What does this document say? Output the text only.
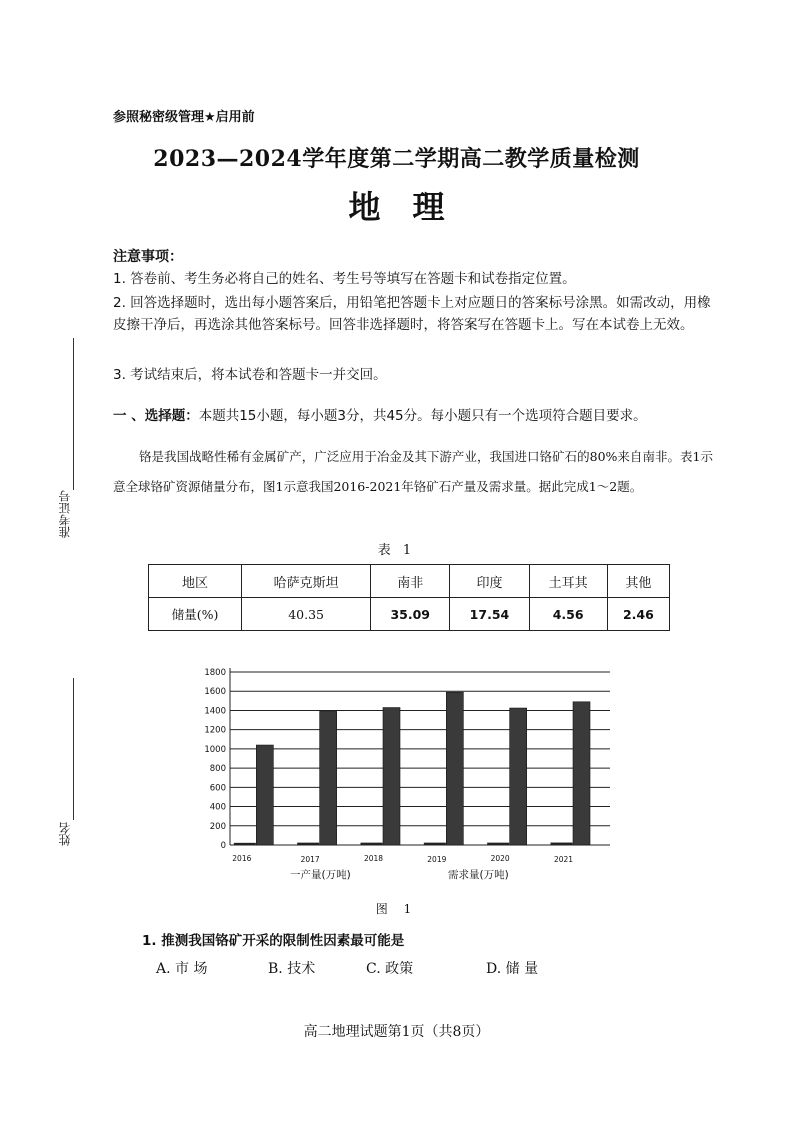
参照秘密级管理★启用前
2023—2024学年度第二学期高二教学质量检测
地　理
注意事项：
1. 答卷前、考生务必将自己的姓名、考生号等填写在答题卡和试卷指定位置。
2. 回答选择题时，选出每小题答案后，用铅笔把答题卡上对应题日的答案标号涂黑。如需改动，用橡皮擦干净后，再选涂其他答案标号。回答非选择题时，将答案写在答题卡上。写在本试卷上无效。
3. 考试结束后，将本试卷和答题卡一并交回。
一 、选择题：本题共15小题，每小题3分，共45分。每小题只有一个选项符合题目要求。
铬是我国战略性稀有金属矿产，广泛应用于冶金及其下游产业，我国进口铬矿石的80%来自南非。表1示意全球铬矿资源储量分布，图1示意我国2016-2021年铬矿石产量及需求量。据此完成1～2题。
表 1
地区	哈萨克斯坦	南非	印度	土耳其	其他
储量(%)	40.35	35.09	17.54	4.56	2.46
0
200
400
600
800
1000
1200
1400
1600
1800
2016	2017	2018	2019	2020	2021
一产量(万吨)	需求量(万吨)
图 1
1. 推测我国铬矿开采的限制性因素最可能是
A. 市 场	B. 技术	C. 政策	D. 储 量
高二地理试题第1页（共8页）
准考证号
姓名
